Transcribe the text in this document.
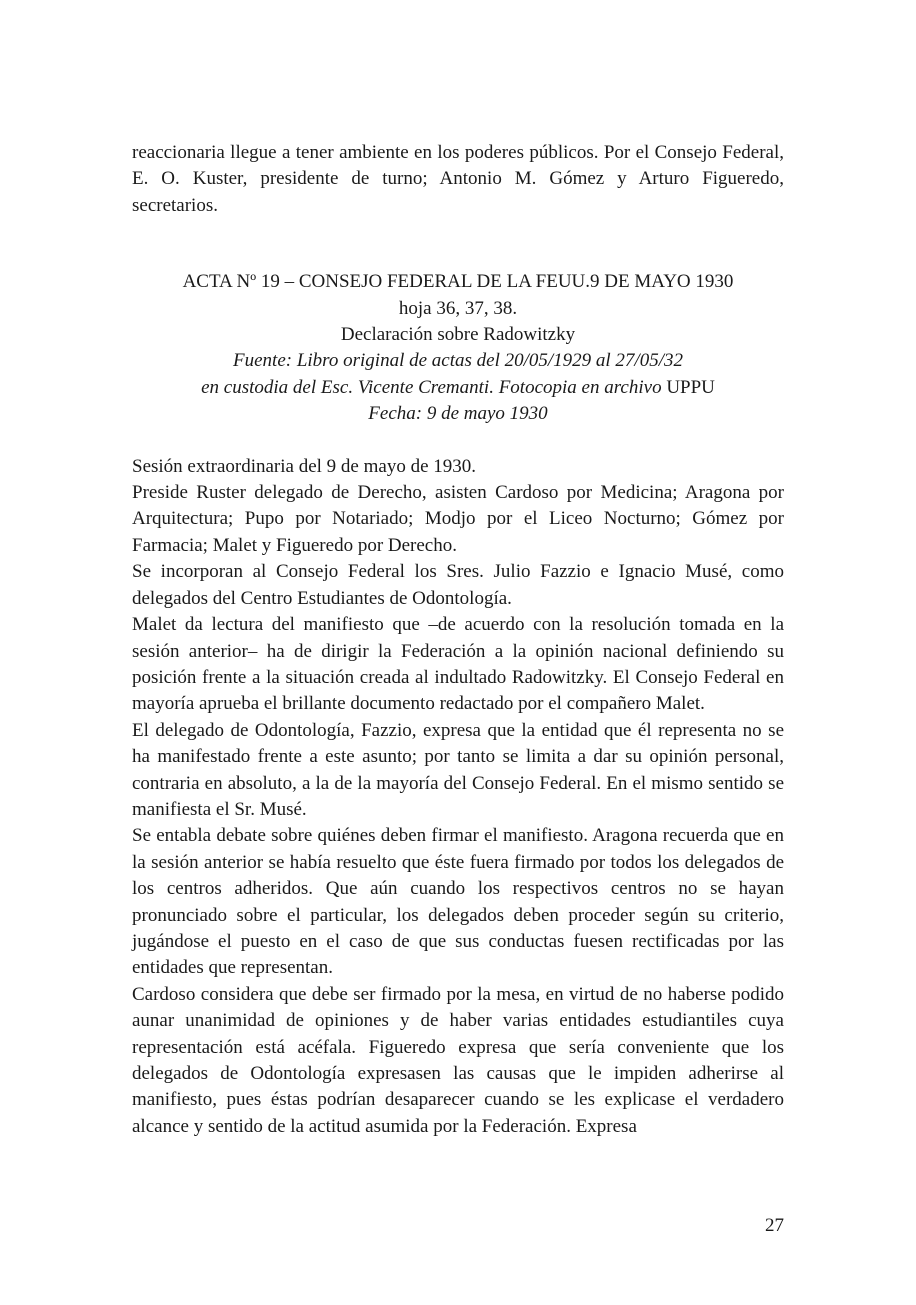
reaccionaria llegue a tener ambiente en los poderes públicos. Por el Consejo Federal, E. O. Kuster, presidente de turno; Antonio M. Gómez y Arturo Figueredo, secretarios.

ACTA Nº 19 – CONSEJO FEDERAL DE LA FEUU.9 DE MAYO 1930
hoja 36, 37, 38.
Declaración sobre Radowitzky
Fuente: Libro original de actas del 20/05/1929 al 27/05/32
en custodia del Esc. Vicente Cremanti. Fotocopia en archivo UPPU
Fecha: 9 de mayo 1930

Sesión extraordinaria del 9 de mayo de 1930.

Preside Ruster delegado de Derecho, asisten Cardoso por Medicina; Aragona por Arquitectura; Pupo por Notariado; Modjo por el Liceo Nocturno; Gómez por Farmacia; Malet y Figueredo por Derecho.

Se incorporan al Consejo Federal los Sres. Julio Fazzio e Ignacio Musé, como delegados del Centro Estudiantes de Odontología.

Malet da lectura del manifiesto que –de acuerdo con la resolución tomada en la sesión anterior– ha de dirigir la Federación a la opinión nacional definiendo su posición frente a la situación creada al indultado Radowitzky. El Consejo Federal en mayoría aprueba el brillante documento redactado por el compañero Malet.

El delegado de Odontología, Fazzio, expresa que la entidad que él representa no se ha manifestado frente a este asunto; por tanto se limita a dar su opinión personal, contraria en absoluto, a la de la mayoría del Consejo Federal. En el mismo sentido se manifiesta el Sr. Musé.

Se entabla debate sobre quiénes deben firmar el manifiesto. Aragona recuerda que en la sesión anterior se había resuelto que éste fuera firmado por todos los delegados de los centros adheridos. Que aún cuando los respectivos centros no se hayan pronunciado sobre el particular, los delegados deben proceder según su criterio, jugándose el puesto en el caso de que sus conductas fuesen rectificadas por las entidades que representan.

Cardoso considera que debe ser firmado por la mesa, en virtud de no haberse podido aunar unanimidad de opiniones y de haber varias entidades estudiantiles cuya representación está acéfala. Figueredo expresa que sería conveniente que los delegados de Odontología expresasen las causas que le impiden adherirse al manifiesto, pues éstas podrían desaparecer cuando se les explicase el verdadero alcance y sentido de la actitud asumida por la Federación. Expresa

27
